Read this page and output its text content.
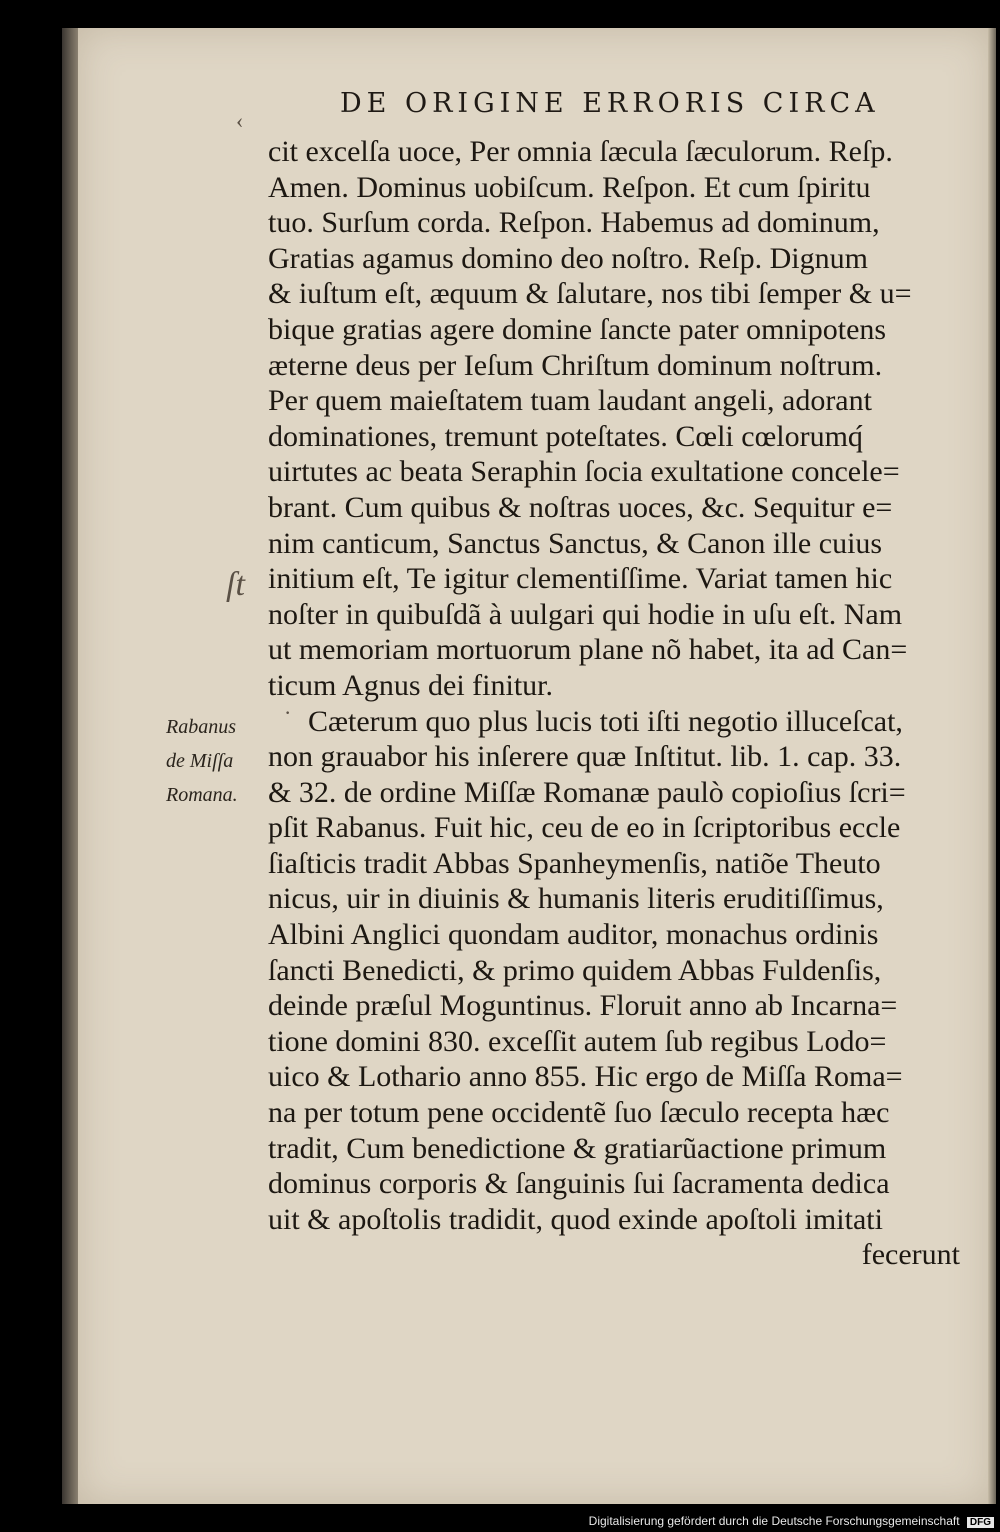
DE ORIGINE ERRORIS CIRCA
‹
ſt
·
cit excelſa uoce, Per omnia ſæcula ſæculorum. Reſp.
Amen. Dominus uobiſcum. Reſpon. Et cum ſpiritu
tuo. Surſum corda. Reſpon. Habemus ad dominum,
Gratias agamus domino deo noſtro. Reſp. Dignum
& iuſtum eſt, æquum & ſalutare, nos tibi ſemper & u=
bique gratias agere domine ſancte pater omnipotens
æterne deus per Ieſum Chriſtum dominum noſtrum.
Per quem maieſtatem tuam laudant angeli, adorant
dominationes, tremunt poteſtates. Cœli cœlorumq́
uirtutes ac beata Seraphin ſocia exultatione concele=
brant. Cum quibus & noſtras uoces, &c. Sequitur e=
nim canticum, Sanctus Sanctus, & Canon ille cuius
initium eſt, Te igitur clementiſſime. Variat tamen hic
noſter in quibuſdã à uulgari qui hodie in uſu eſt. Nam
ut memoriam mortuorum plane nõ habet, ita ad Can=
ticum Agnus dei finitur.
Cæterum quo plus lucis toti iſti negotio illuceſcat,
non grauabor his inſerere quæ Inſtitut. lib. 1. cap. 33.
& 32. de ordine Miſſæ Romanæ paulò copioſius ſcri=
pſit Rabanus. Fuit hic, ceu de eo in ſcriptoribus eccle
ſiaſticis tradit Abbas Spanheymenſis, natiõe Theuto
nicus, uir in diuinis & humanis literis eruditiſſimus,
Albini Anglici quondam auditor, monachus ordinis
ſancti Benedicti, & primo quidem Abbas Fuldenſis,
deinde præſul Moguntinus. Floruit anno ab Incarna=
tione domini 830. exceſſit autem ſub regibus Lodo=
uico & Lothario anno 855. Hic ergo de Miſſa Roma=
na per totum pene occidentẽ ſuo ſæculo recepta hæc
tradit, Cum benedictione & gratiarũactione primum
dominus corporis & ſanguinis ſui ſacramenta dedica
uit & apoſtolis tradidit, quod exinde apoſtoli imitati
fecerunt
Rabanus
de Miſſa
Romana.
Digitalisierung gefördert durch die Deutsche Forschungsgemeinschaft DFG
